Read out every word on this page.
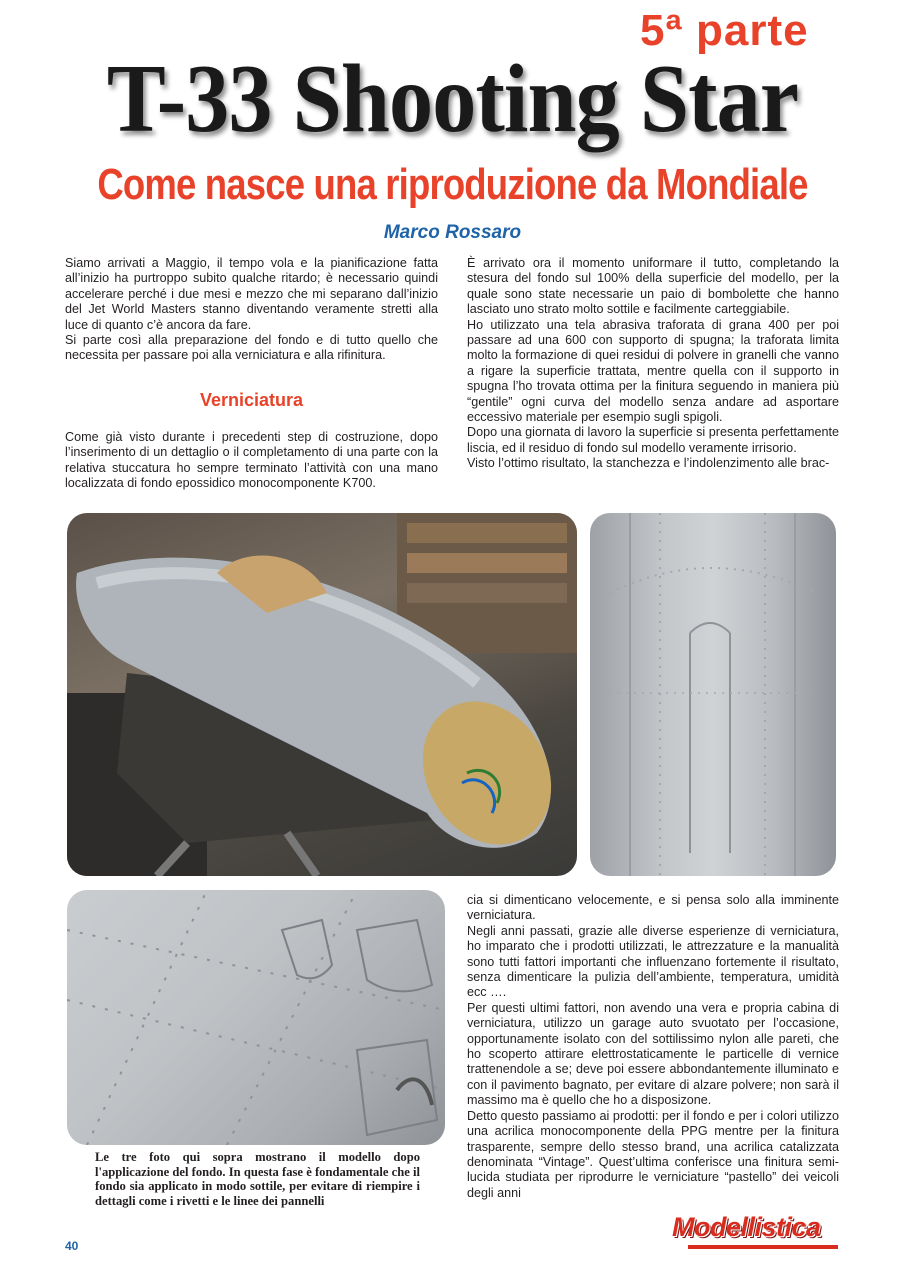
5ª parte
T-33 Shooting Star
Come nasce una riproduzione da Mondiale
Marco Rossaro

Siamo arrivati a Maggio, il tempo vola e la pianificazione fatta all’inizio ha purtroppo subito qualche ritardo; è necessario quindi accelerare perché i due mesi e mezzo che mi separano dall’inizio del Jet World Masters stanno diventando veramente stretti alla luce di quanto c’è ancora da fare.

Si parte così alla preparazione del fondo e di tutto quello che necessita per passare poi alla verniciatura e alla rifinitura.

Verniciatura

Come già visto durante i precedenti step di costruzione, dopo l’inserimento di un dettaglio o il completamento di una parte con la relativa stuccatura ho sempre terminato l’attività con una mano localizzata di fondo epossidico monocomponente K700.

È arrivato ora il momento uniformare il tutto, completando la stesura del fondo sul 100% della superficie del modello, per la quale sono state necessarie un paio di bombolette che hanno lasciato uno strato molto sottile e facilmente carteggiabile.

Ho utilizzato una tela abrasiva traforata di grana 400 per poi passare ad una 600 con supporto di spugna; la traforata limita molto la formazione di quei residui di polvere in granelli che vanno a rigare la superficie trattata, mentre quella con il supporto in spugna l’ho trovata ottima per la finitura seguendo in maniera più “gentile” ogni curva del modello senza andare ad asportare eccessivo materiale per esempio sugli spigoli.

Dopo una giornata di lavoro la superficie si presenta perfettamente liscia, ed il residuo di fondo sul modello veramente irrisorio.

Visto l’ottimo risultato, la stanchezza e l’indolenzimento alle brac-

Le tre foto qui sopra mostrano il modello dopo l'applicazione del fondo. In questa fase è fondamentale che il fondo sia applicato in modo sottile, per evitare di riempire i dettagli come i rivetti e le linee dei pannelli

cia si dimenticano velocemente, e si pensa solo alla imminente verniciatura.

Negli anni passati, grazie alle diverse esperienze di verniciatura, ho imparato che i prodotti utilizzati, le attrezzature e la manualità sono tutti fattori importanti che influenzano fortemente il risultato, senza dimenticare la pulizia dell’ambiente, temperatura, umidità ecc ….

Per questi ultimi fattori, non avendo una vera e propria cabina di verniciatura, utilizzo un garage auto svuotato per l’occasione, opportunamente isolato con del sottilissimo nylon alle pareti, che ho scoperto attirare elettrostaticamente le particelle di vernice trattenendole a se; deve poi essere abbondantemente illuminato e con il pavimento bagnato, per evitare di alzare polvere; non sarà il massimo ma è quello che ho a disposizone.

Detto questo passiamo ai prodotti: per il fondo e per i colori utilizzo una acrilica monocomponente della PPG mentre per la finitura trasparente, sempre dello stesso brand, una acrilica catalizzata denominata “Vintage”. Quest’ultima conferisce una finitura semi-lucida studiata per riprodurre le verniciature “pastello” dei veicoli degli anni

40
Modellistica
